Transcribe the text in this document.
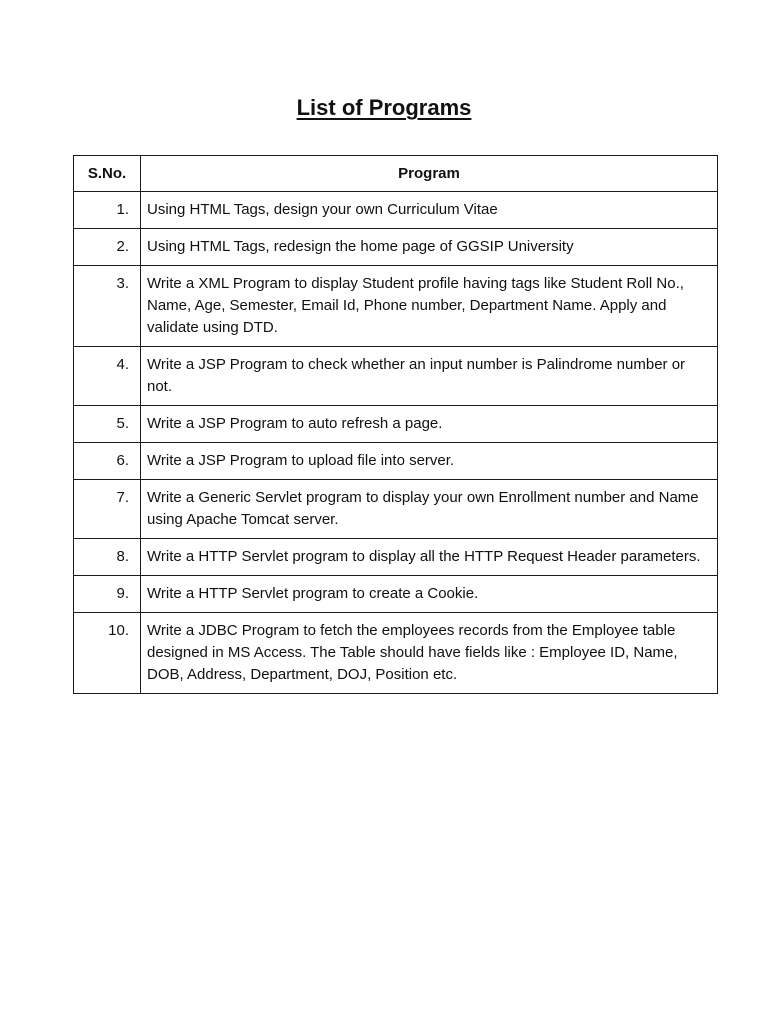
List of Programs
S.No.	Program
1.	Using HTML Tags, design your own Curriculum Vitae
2.	Using HTML Tags, redesign the home page of GGSIP University
3.	Write a XML Program to display Student profile having tags like Student Roll No., Name, Age, Semester, Email Id, Phone number, Department Name. Apply and validate using DTD.
4.	Write a JSP Program to check whether an input number is Palindrome number or not.
5.	Write a JSP Program to auto refresh a page.
6.	Write a JSP Program to upload file into server.
7.	Write a Generic Servlet program to display your own Enrollment number and Name using Apache Tomcat server.
8.	Write a HTTP Servlet program to display all the HTTP Request Header parameters.
9.	Write a HTTP Servlet program to create a Cookie.
10.	Write a JDBC Program to fetch the employees records from the Employee table designed in MS Access. The Table should have fields like : Employee ID, Name, DOB, Address, Department, DOJ, Position etc.
